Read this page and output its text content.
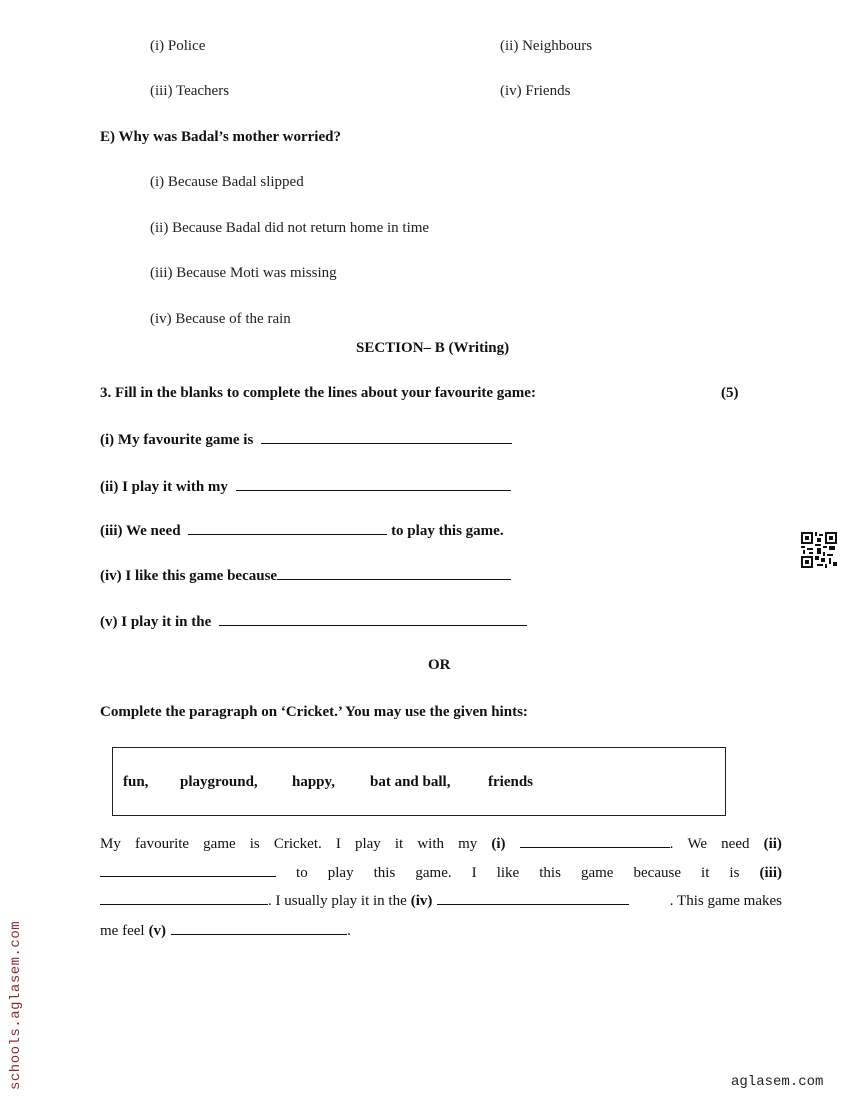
(i) Police	(ii) Neighbours
(iii) Teachers	(iv) Friends
E) Why was Badal’s mother worried?
(i) Because Badal slipped
(ii) Because Badal did not return home in time
(iii) Because Moti was missing
(iv) Because of the rain
SECTION– B (Writing)
3. Fill in the blanks to complete the lines about your favourite game:	(5)
(i) My favourite game is
(ii) I play it with my
(iii) We need	to play this game.
(iv) I like this game because
(v) I play it in the
OR
Complete the paragraph on ‘Cricket.’ You may use the given hints:
fun, playground, happy, bat and ball,	friends
My favourite game is Cricket. I play it with my (i)	. We need (ii)
to play this game. I like this game because it is (iii)
. I usually play it in the (iv)	. This game makes
me feel (v)	.
schools.aglasem.com	aglasem.com
